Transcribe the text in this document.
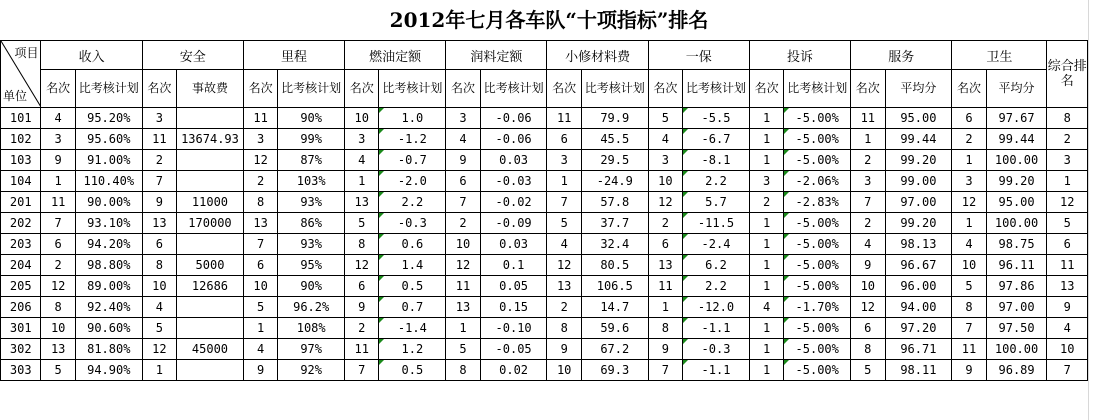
2012年七月各车队“十项指标”排名
项目
单位	收入		安全		里程		燃油定额		润料定额		小修材料费		一保		投诉		服务		卫生		综合排名
	名次	比考核计划	名次	事故费	名次	比考核计划	名次	比考核计划	名次	比考核计划	名次	比考核计划	名次	比考核计划	名次	比考核计划	名次	平均分	名次	平均分	
101	4	95.20%	3		11	90%	10	1.0	3	-0.06	11	79.9	5	-5.5	1	-5.00%	11	95.00	6	97.67	8
102	3	95.60%	11	13674.93	3	99%	3	-1.2	4	-0.06	6	45.5	4	-6.7	1	-5.00%	1	99.44	2	99.44	2
103	9	91.00%	2		12	87%	4	-0.7	9	0.03	3	29.5	3	-8.1	1	-5.00%	2	99.20	1	100.00	3
104	1	110.40%	7		2	103%	1	-2.0	6	-0.03	1	-24.9	10	2.2	3	-2.06%	3	99.00	3	99.20	1
201	11	90.00%	9	11000	8	93%	13	2.2	7	-0.02	7	57.8	12	5.7	2	-2.83%	7	97.00	12	95.00	12
202	7	93.10%	13	170000	13	86%	5	-0.3	2	-0.09	5	37.7	2	-11.5	1	-5.00%	2	99.20	1	100.00	5
203	6	94.20%	6		7	93%	8	0.6	10	0.03	4	32.4	6	-2.4	1	-5.00%	4	98.13	4	98.75	6
204	2	98.80%	8	5000	6	95%	12	1.4	12	0.1	12	80.5	13	6.2	1	-5.00%	9	96.67	10	96.11	11
205	12	89.00%	10	12686	10	90%	6	0.5	11	0.05	13	106.5	11	2.2	1	-5.00%	10	96.00	5	97.86	13
206	8	92.40%	4		5	96.2%	9	0.7	13	0.15	2	14.7	1	-12.0	4	-1.70%	12	94.00	8	97.00	9
301	10	90.60%	5		1	108%	2	-1.4	1	-0.10	8	59.6	8	-1.1	1	-5.00%	6	97.20	7	97.50	4
302	13	81.80%	12	45000	4	97%	11	1.2	5	-0.05	9	67.2	9	-0.3	1	-5.00%	8	96.71	11	100.00	10
303	5	94.90%	1		9	92%	7	0.5	8	0.02	10	69.3	7	-1.1	1	-5.00%	5	98.11	9	96.89	7
